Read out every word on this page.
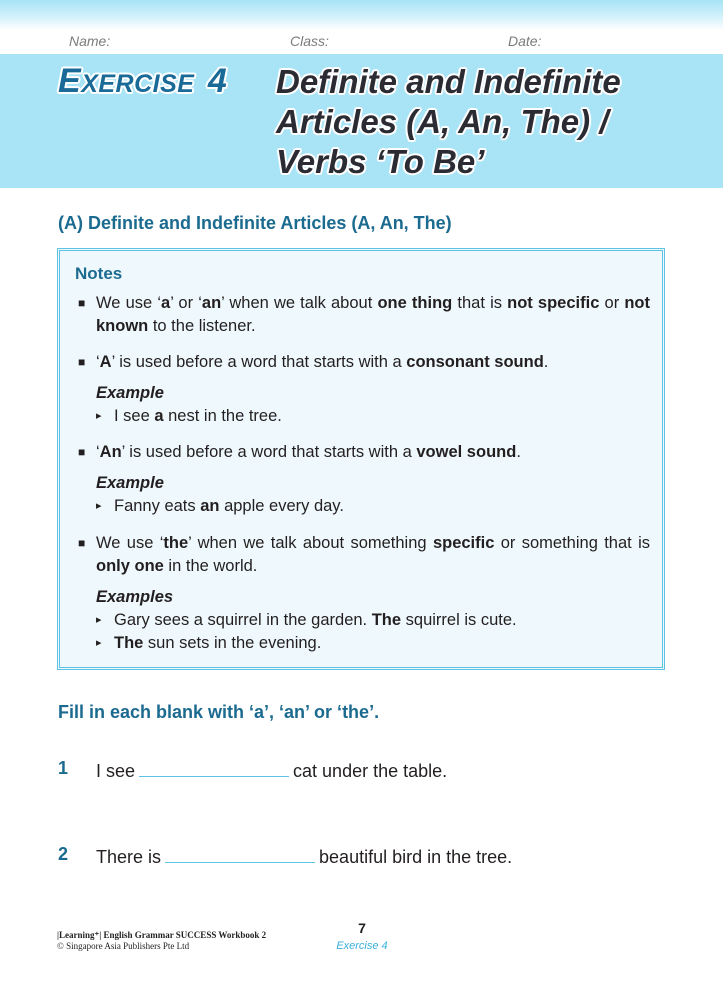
Name:	Class:	Date:
EXERCISE 4 Definite and Indefinite
Articles (A, An, The) /
Verbs ‘To Be’
(A) Definite and Indefinite Articles (A, An, The)
Notes
■ We use ‘a’ or ‘an’ when we talk about one thing that is not specific or not known to the listener.
■ ‘A’ is used before a word that starts with a consonant sound.
Example
▸ I see a nest in the tree.
■ ‘An’ is used before a word that starts with a vowel sound.
Example
▸ Fanny eats an apple every day.
■ We use ‘the’ when we talk about something specific or something that is only one in the world.
Examples
▸ Gary sees a squirrel in the garden. The squirrel is cute.
▸ The sun sets in the evening.
Fill in each blank with ‘a’, ‘an’ or ‘the’.
1 I see	cat under the table.
2 There is	beautiful bird in the tree.
|Learning⁺| English Grammar SUCCESS Workbook 2
© Singapore Asia Publishers Pte Ltd
7
Exercise 4
